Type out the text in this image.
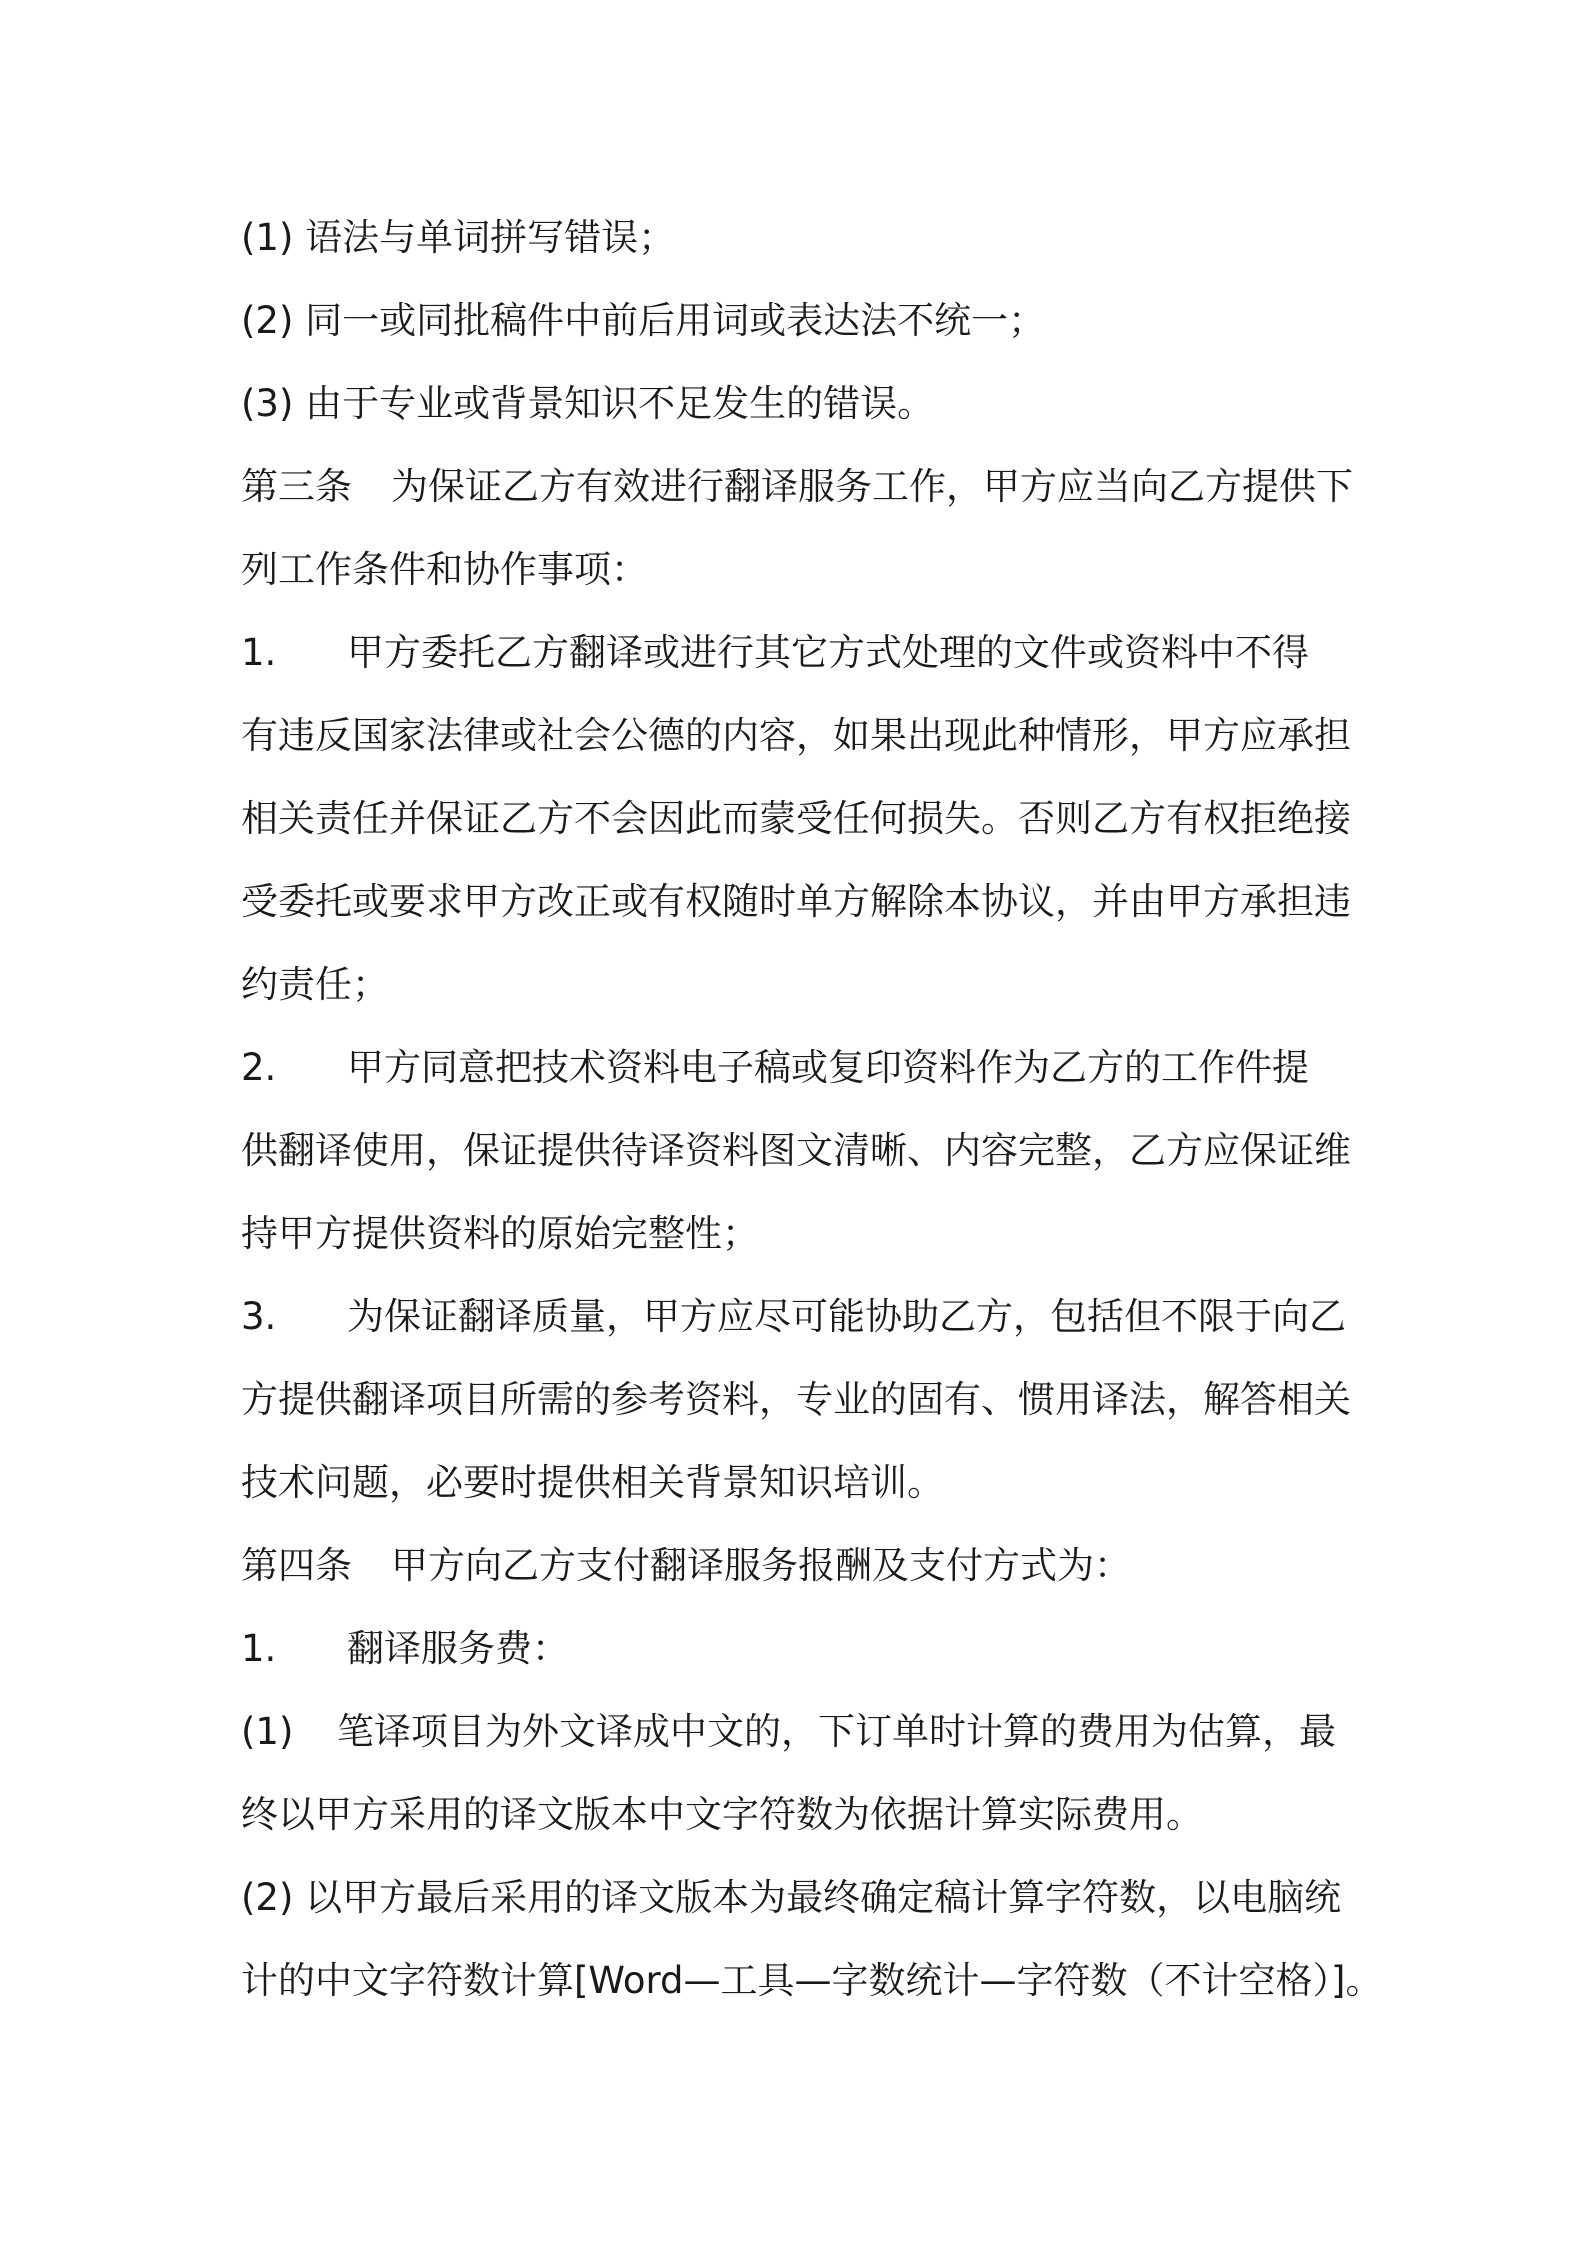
(1) 语法与单词拼写错误；
(2) 同一或同批稿件中前后用词或表达法不统一；
(3) 由于专业或背景知识不足发生的错误。
第三条 为保证乙方有效进行翻译服务工作，甲方应当向乙方提供下
列工作条件和协作事项：
1. 甲方委托乙方翻译或进行其它方式处理的文件或资料中不得
有违反国家法律或社会公德的内容，如果出现此种情形，甲方应承担
相关责任并保证乙方不会因此而蒙受任何损失。否则乙方有权拒绝接
受委托或要求甲方改正或有权随时单方解除本协议，并由甲方承担违
约责任；
2. 甲方同意把技术资料电子稿或复印资料作为乙方的工作件提
供翻译使用，保证提供待译资料图文清晰、内容完整，乙方应保证维
持甲方提供资料的原始完整性；
3. 为保证翻译质量，甲方应尽可能协助乙方，包括但不限于向乙
方提供翻译项目所需的参考资料，专业的固有、惯用译法，解答相关
技术问题，必要时提供相关背景知识培训。
第四条 甲方向乙方支付翻译服务报酬及支付方式为：
1. 翻译服务费：
(1) 笔译项目为外文译成中文的，下订单时计算的费用为估算，最
终以甲方采用的译文版本中文字符数为依据计算实际费用。
(2) 以甲方最后采用的译文版本为最终确定稿计算字符数，以电脑统
计的中文字符数计算[Word—工具—字数统计—字符数（不计空格）]。
